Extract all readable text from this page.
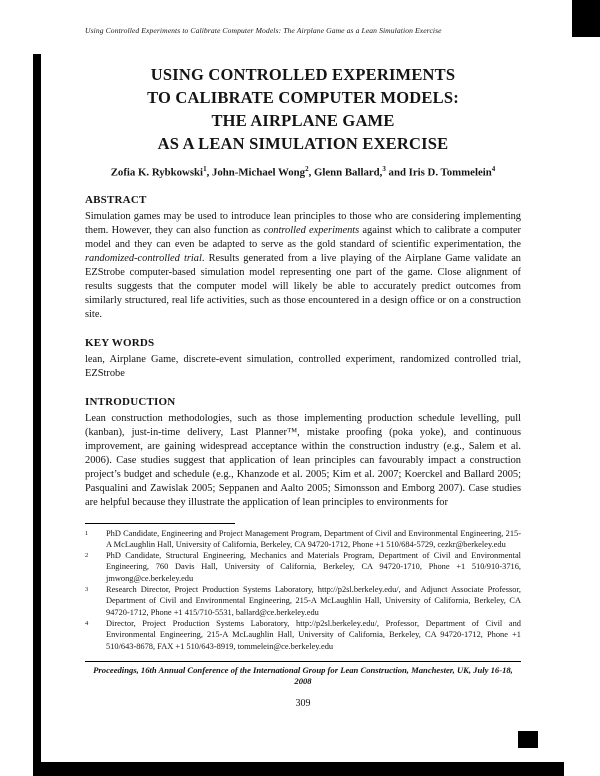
Using Controlled Experiments to Calibrate Computer Models: The Airplane Game as a Lean Simulation Exercise
USING CONTROLLED EXPERIMENTS
TO CALIBRATE COMPUTER MODELS:
THE AIRPLANE GAME
AS A LEAN SIMULATION EXERCISE
Zofia K. Rybkowski$^1$, John-Michael Wong$^2$, Glenn Ballard,$^3$ and Iris D. Tommelein$^4$
ABSTRACT

Simulation games may be used to introduce lean principles to those who are considering implementing them. However, they can also function as controlled experiments against which to calibrate a computer model and they can even be adapted to serve as the gold standard of scientific experimentation, the randomized-controlled trial. Results generated from a live playing of the Airplane Game validate an EZStrobe computer-based simulation model representing one part of the game. Close alignment of results suggests that the computer model will likely be able to accurately predict outcomes from similarly structured, real life activities, such as those encountered in a design office or on a construction site.

KEY WORDS

lean, Airplane Game, discrete-event simulation, controlled experiment, randomized controlled trial, EZStrobe

INTRODUCTION

Lean construction methodologies, such as those implementing production schedule levelling, pull (kanban), just-in-time delivery, Last Planner™, mistake proofing (poka yoke), and continuous improvement, are gaining widespread acceptance within the construction industry (e.g., Salem et al. 2006). Case studies suggest that application of lean principles can favourably impact a construction project’s budget and schedule (e.g., Khanzode et al. 2005; Kim et al. 2007; Koerckel and Ballard 2005; Pasqualini and Zawislak 2005; Seppanen and Aalto 2005; Simonsson and Emborg 2007). Case studies are helpful because they illustrate the application of lean principles to environments for

$^1$	PhD Candidate, Engineering and Project Management Program, Department of Civil and Environmental Engineering, 215-A McLaughlin Hall, University of California, Berkeley, CA 94720-1712, Phone +1 510/684-5729, cezkr@berkeley.edu
$^2$	PhD Candidate, Structural Engineering, Mechanics and Materials Program, Department of Civil and Environmental Engineering, 760 Davis Hall, University of California, Berkeley, CA 94720-1710, Phone +1 510/910-3716, jmwong@ce.berkeley.edu
$^3$	Research Director, Project Production Systems Laboratory, http://p2sl.berkeley.edu/, and Adjunct Associate Professor, Department of Civil and Environmental Engineering, 215-A McLaughlin Hall, University of California, Berkeley, CA 94720-1712, Phone +1 415/710-5531, ballard@ce.berkeley.edu
$^4$	Director, Project Production Systems Laboratory, http://p2sl.berkeley.edu/, Professor, Department of Civil and Environmental Engineering, 215-A McLaughlin Hall, University of California, Berkeley, CA 94720-1712, Phone +1 510/643-8678, FAX +1 510/643-8919, tommelein@ce.berkeley.edu
Proceedings, 16th Annual Conference of the International Group for Lean Construction, Manchester, UK, July 16-18,
2008
309
